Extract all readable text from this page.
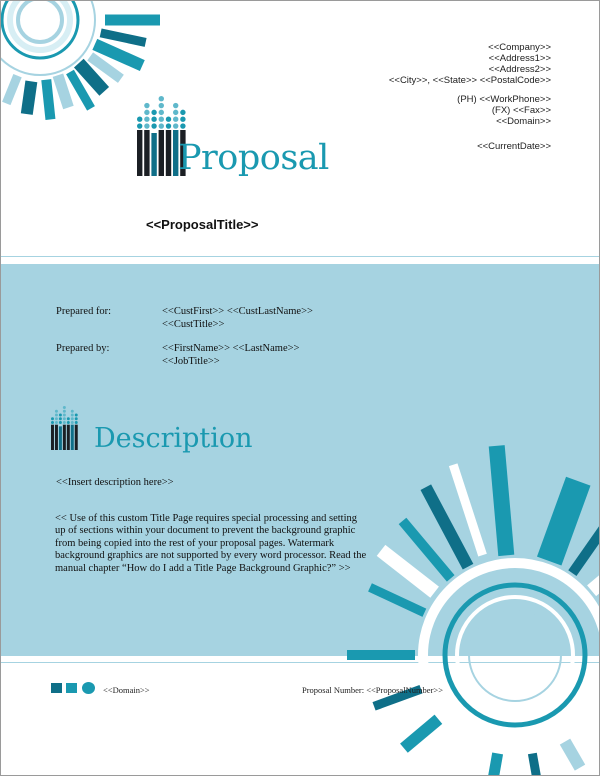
<<Company>>
<<Address1>>
<<Address2>>
<<City>>, <<State>> <<PostalCode>>
(PH) <<WorkPhone>>
(FX) <<Fax>>
<<Domain>>
<<CurrentDate>>
Proposal
<<ProposalTitle>>
Prepared for:	<<CustFirst>> <<CustLastName>>
<<CustTitle>>
Prepared by:	<<FirstName>> <<LastName>>
<<JobTitle>>
Description
<<Insert description here>>
<< Use of this custom Title Page requires special processing and setting up of sections within your document to prevent the background graphic from being copied into the rest of your proposal pages. Watermark background graphics are not supported by every word processor. Read the manual chapter “How do I add a Title Page Background Graphic?” >>
<<Domain>>	Proposal Number: <<ProposalNumber>>
